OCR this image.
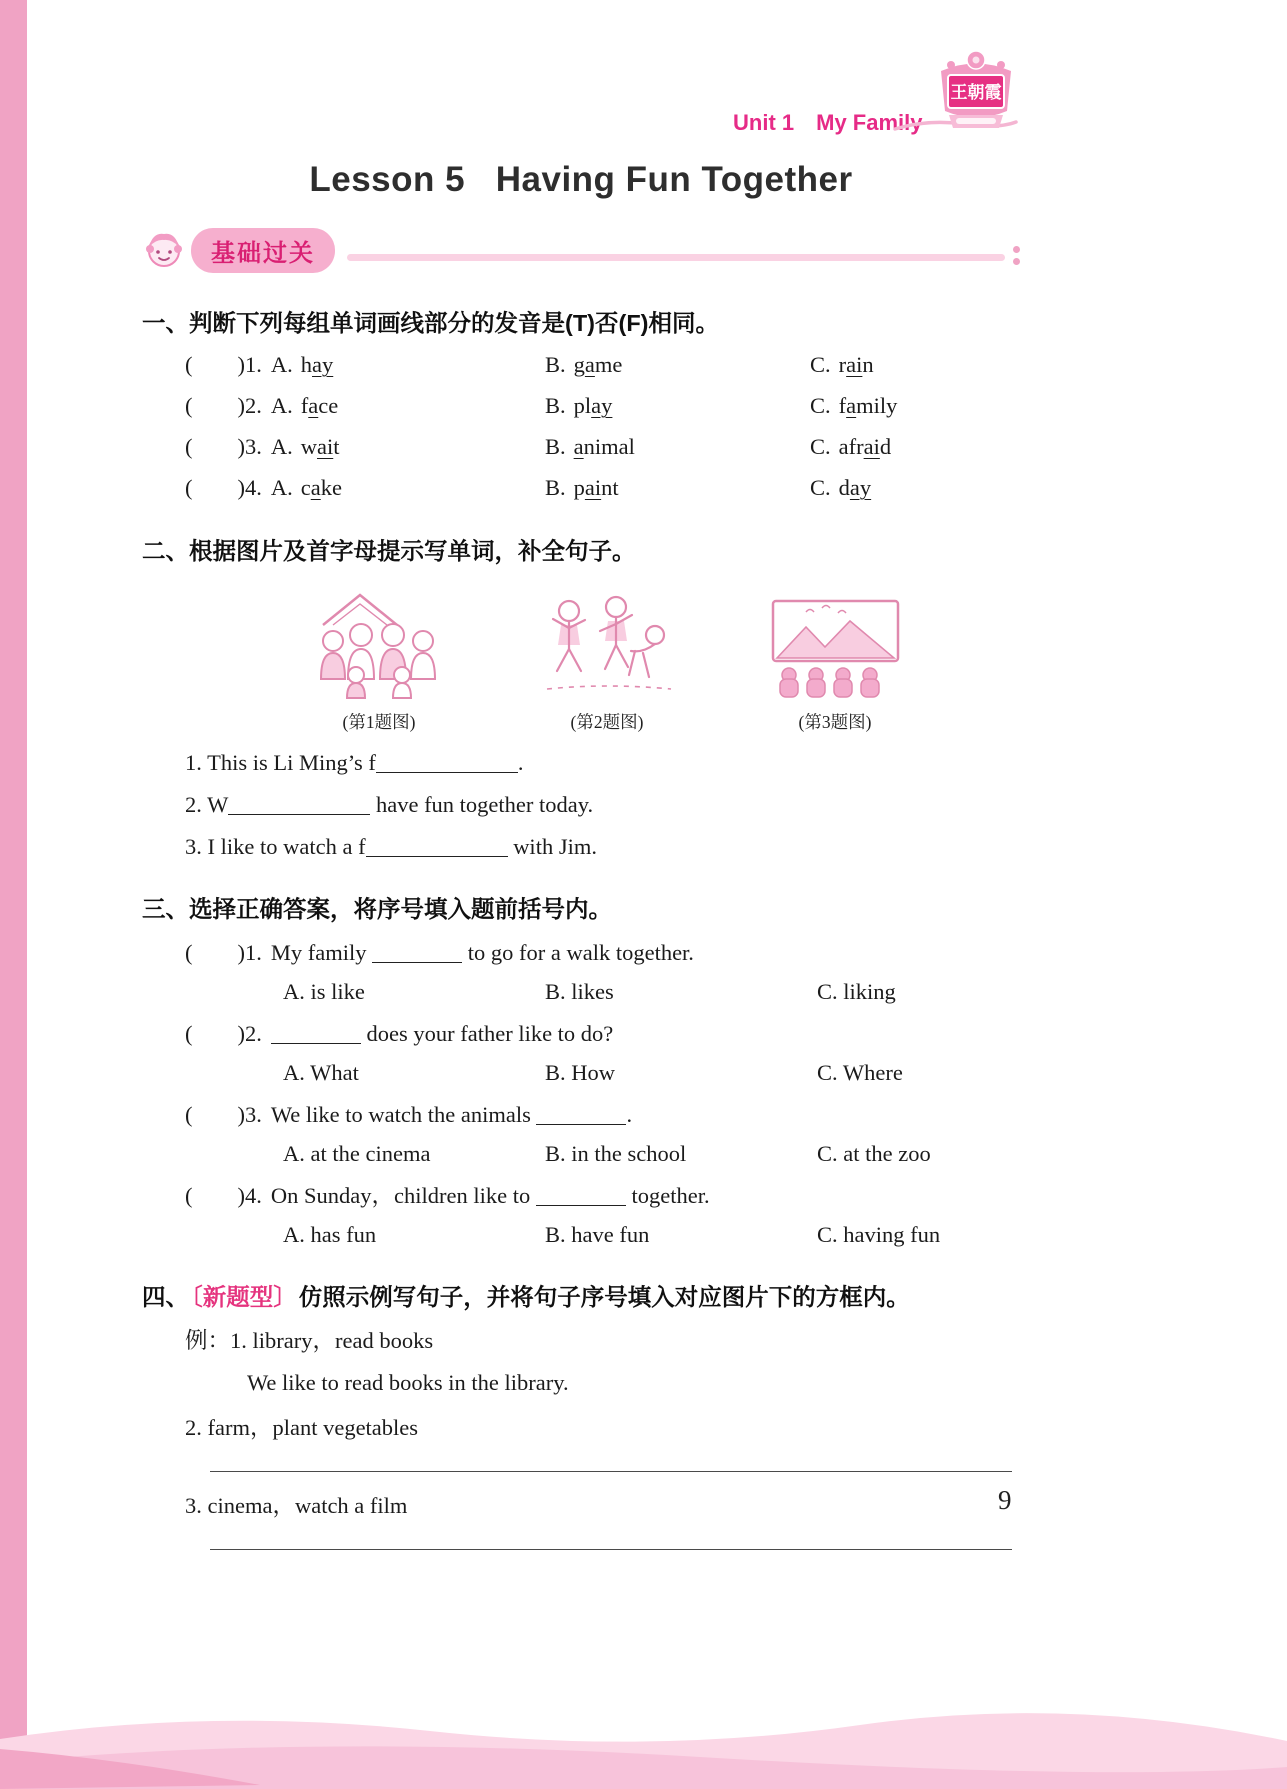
Unit 1　My Family
王朝霞
Lesson 5   Having Fun Together
基础过关
一、判断下列每组单词画线部分的发音是(T)否(F)相同。
(        )1. A. hay	B. game	C. rain
(        )2. A. face	B. play	C. family
(        )3. A. wait	B. animal	C. afraid
(        )4. A. cake	B. paint	C. day
二、根据图片及首字母提示写单词，补全句子。
(第1题图)	(第2题图)	(第3题图)

1. This is Li Ming’s f	.

2. W	have fun together today.

3. I like to watch a f	with Jim.

三、选择正确答案，将序号填入题前括号内。

(        )1. My family	to go for a walk together.

A. is like	B. likes	C. liking

(        )2.	does your father like to do?

A. What	B. How	C. Where

(        )3. We like to watch the animals	.

A. at the cinema	B. in the school	C. at the zoo

(        )4. On Sunday，children like to	together.

A. has fun	B. have fun	C. having fun
四、〔新题型〕仿照示例写句子，并将句子序号填入对应图片下的方框内。

例：1. library，read books

We like to read books in the library.

2. farm，plant vegetables

3. cinema，watch a film	9
